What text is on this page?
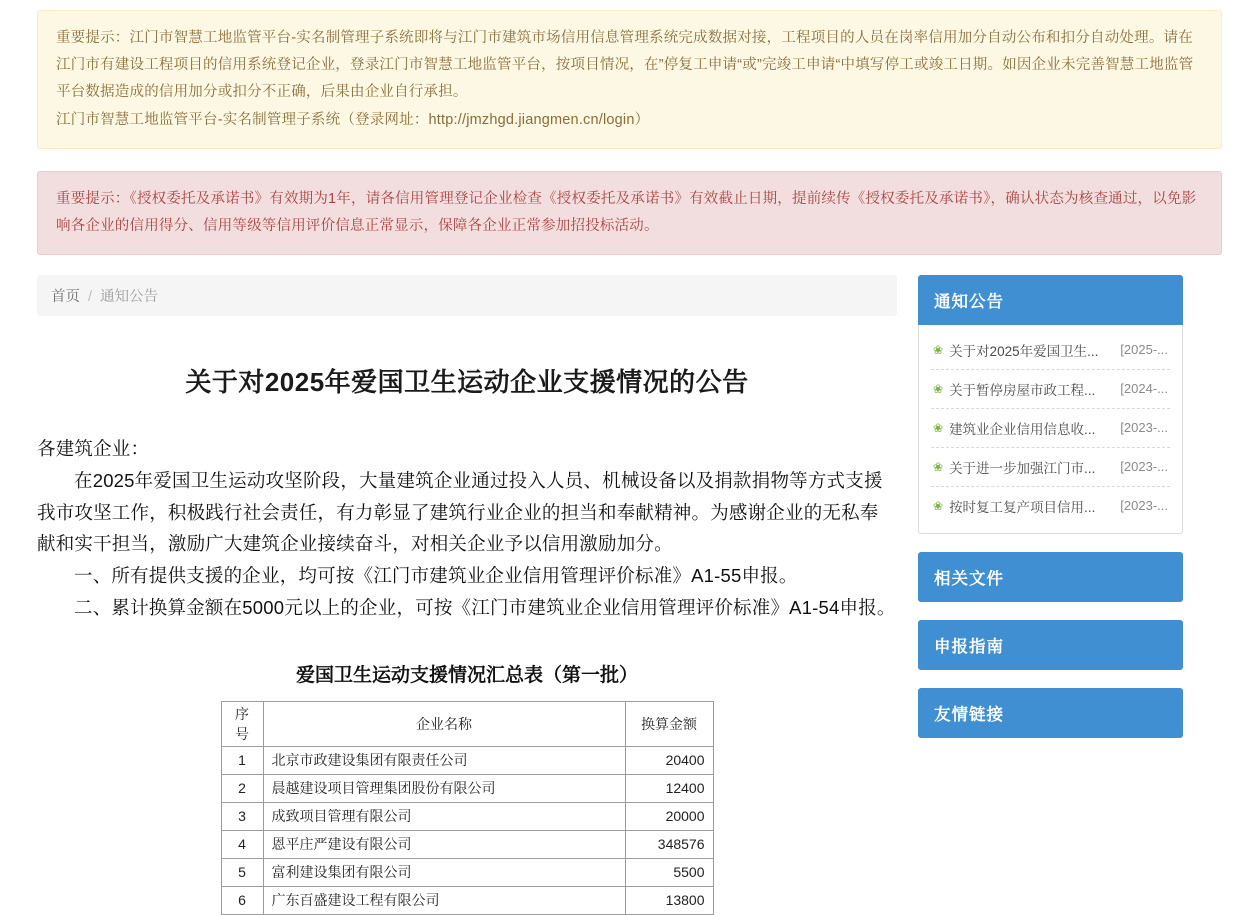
重要提示：江门市智慧工地监管平台-实名制管理子系统即将与江门市建筑市场信用信息管理系统完成数据对接，工程项目的人员在岗率信用加分自动公布和扣分自动处理。请在江门市有建设工程项目的信用系统登记企业，登录江门市智慧工地监管平台，按项目情况，在”停复工申请“或”完竣工申请“中填写停工或竣工日期。如因企业未完善智慧工地监管平台数据造成的信用加分或扣分不正确，后果由企业自行承担。

江门市智慧工地监管平台-实名制管理子系统（登录网址：http://jmzhgd.jiangmen.cn/login）

重要提示：《授权委托及承诺书》有效期为1年，请各信用管理登记企业检查《授权委托及承诺书》有效截止日期，提前续传《授权委托及承诺书》，确认状态为核查通过，以免影响各企业的信用得分、信用等级等信用评价信息正常显示，保障各企业正常参加招投标活动。

首页 / 通知公告
关于对2025年爱国卫生运动企业支援情况的公告

各建筑企业：

在2025年爱国卫生运动攻坚阶段，大量建筑企业通过投入人员、机械设备以及捐款捐物等方式支援我市攻坚工作，积极践行社会责任，有力彰显了建筑行业企业的担当和奉献精神。为感谢企业的无私奉献和实干担当，激励广大建筑企业接续奋斗，对相关企业予以信用激励加分。

一、所有提供支援的企业，均可按《江门市建筑业企业信用管理评价标准》A1-55申报。

二、累计换算金额在5000元以上的企业，可按《江门市建筑业企业信用管理评价标准》A1-54申报。

爱国卫生运动支援情况汇总表（第一批）
序号	企业名称	换算金额
1	北京市政建设集团有限责任公司	20400
2	晨越建设项目管理集团股份有限公司	12400
3	成致项目管理有限公司	20000
4	恩平庄严建设有限公司	348576
5	富利建设集团有限公司	5500
6	广东百盛建设工程有限公司	13800
通知公告
❀ 关于对2025年爱国卫生...	[2025-...
❀ 关于暂停房屋市政工程...	[2024-...
❀ 建筑业企业信用信息收...	[2023-...
❀ 关于进一步加强江门市...	[2023-...
❀ 按时复工复产项目信用...	[2023-...
相关文件
申报指南
友情链接
